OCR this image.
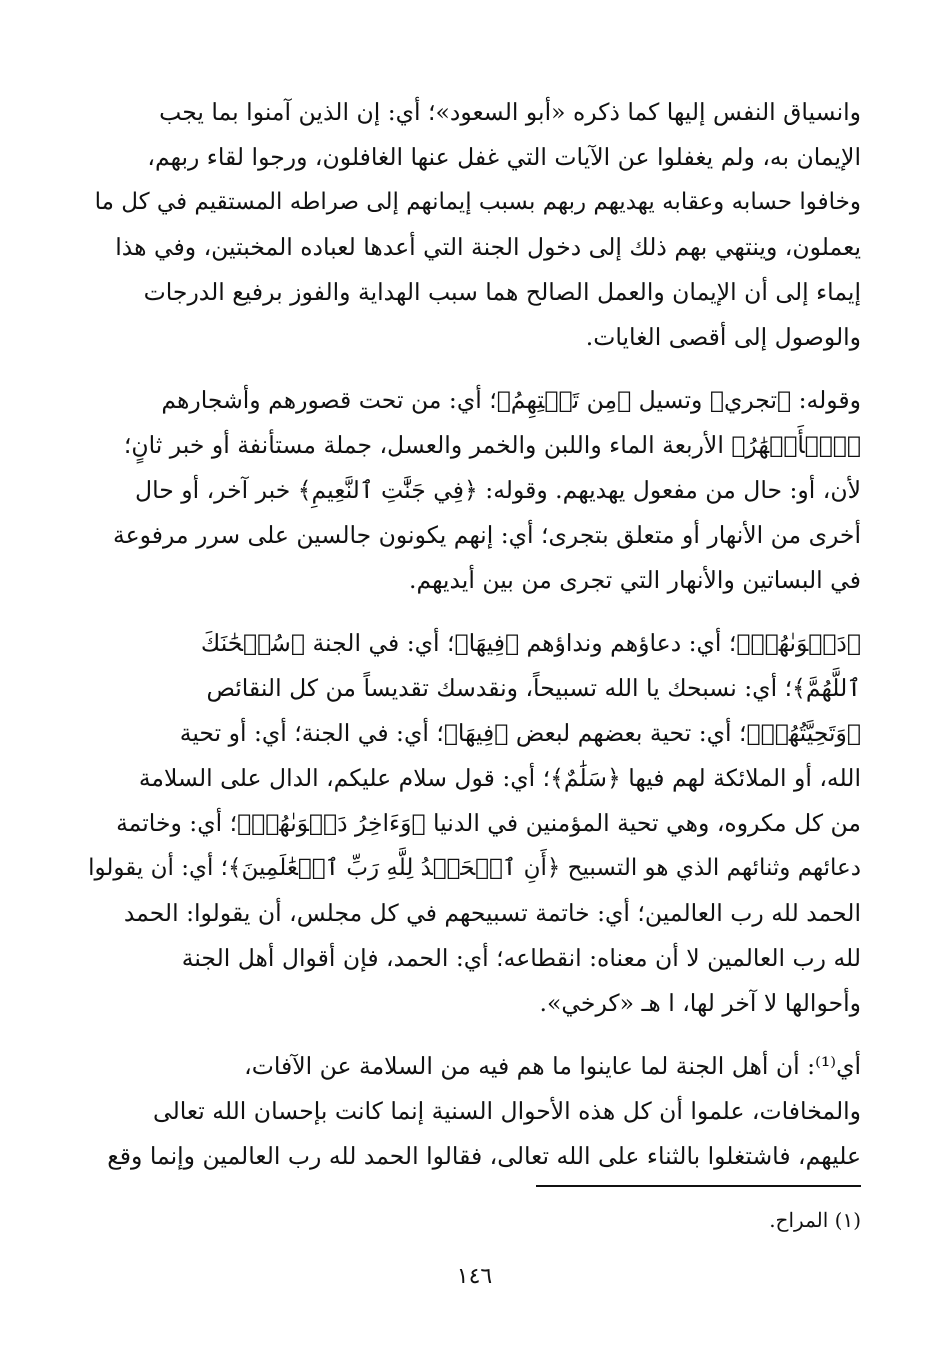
وانسياق النفس إليها كما ذكره «أبو السعود»؛ أي: إن الذين آمنوا بما يجب
الإيمان به، ولم يغفلوا عن الآيات التي غفل عنها الغافلون، ورجوا لقاء ربهم،
وخافوا حسابه وعقابه يهديهم ربهم بسبب إيمانهم إلى صراطه المستقيم في كل ما
يعملون، وينتهي بهم ذلك إلى دخول الجنة التي أعدها لعباده المخبتين، وفي هذا
إيماء إلى أن الإيمان والعمل الصالح هما سبب الهداية والفوز برفيع الدرجات
والوصول إلى أقصى الغايات.
وقوله: ﴿تجري﴾ وتسيل ﴿مِن تَحۡتِهِمُ﴾؛ أي: من تحت قصورهم وأشجارهم
﴿ٱلۡأَنۡهَٰرُ﴾ الأربعة الماء واللبن والخمر والعسل، جملة مستأنفة أو خبر ثانٍ؛
لأن، أو: حال من مفعول يهديهم. وقوله: ﴿فِي جَنَّٰتِ ٱلنَّعِيمِ﴾ خبر آخر، أو حال
أخرى من الأنهار أو متعلق بتجرى؛ أي: إنهم يكونون جالسين على سرر مرفوعة
في البساتين والأنهار التي تجرى من بين أيديهم.
﴿دَعۡوَىٰهُمۡ﴾؛ أي: دعاؤهم ونداؤهم ﴿فِيهَا﴾؛ أي: في الجنة ﴿سُبۡحَٰنَكَ
ٱللَّهُمَّ﴾؛ أي: نسبحك يا الله تسبيحاً، ونقدسك تقديساً من كل النقائص
﴿وَتَحِيَّتُهُمۡ﴾؛ أي: تحية بعضهم لبعض ﴿فِيهَا﴾؛ أي: في الجنة؛ أي: أو تحية
الله، أو الملائكة لهم فيها ﴿سَلَٰمٌ﴾؛ أي: قول سلام عليكم، الدال على السلامة
من كل مكروه، وهي تحية المؤمنين في الدنيا ﴿وَءَاخِرُ دَعۡوَىٰهُمۡ﴾؛ أي: وخاتمة
دعائهم وثنائهم الذي هو التسبيح ﴿أَنِ ٱلۡحَمۡدُ لِلَّهِ رَبِّ ٱلۡعَٰلَمِينَ﴾؛ أي: أن يقولوا
الحمد لله رب العالمين؛ أي: خاتمة تسبيحهم في كل مجلس، أن يقولوا: الحمد
لله رب العالمين لا أن معناه: انقطاعه؛ أي: الحمد، فإن أقوال أهل الجنة
وأحوالها لا آخر لها، ا هـ «كرخي».
أي⁽¹⁾: أن أهل الجنة لما عاينوا ما هم فيه من السلامة عن الآفات،
والمخافات، علموا أن كل هذه الأحوال السنية إنما كانت بإحسان الله تعالى
عليهم، فاشتغلوا بالثناء على الله تعالى، فقالوا الحمد لله رب العالمين وإنما وقع
(١) المراح.
١٤٦
